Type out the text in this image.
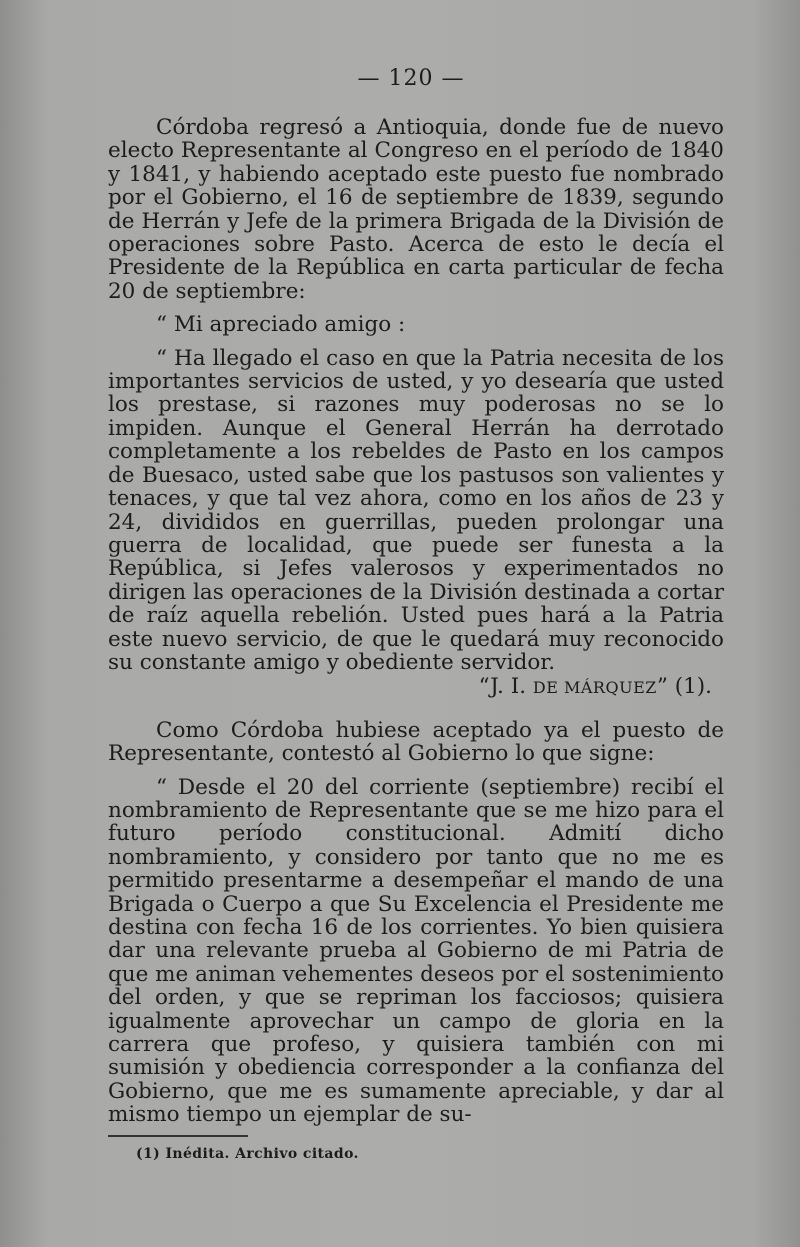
— 120 —

Córdoba regresó a Antioquia, donde fue de nuevo electo Representante al Congreso en el período de 1840 y 1841, y habiendo aceptado este puesto fue nombrado por el Gobierno, el 16 de septiembre de 1839, segundo de Herrán y Jefe de la primera Brigada de la División de operaciones sobre Pasto. Acerca de esto le decía el Presidente de la República en carta particular de fecha 20 de septiembre:

“ Mi apreciado amigo :

“ Ha llegado el caso en que la Patria necesita de los importantes servicios de usted, y yo desearía que usted los prestase, si razones muy poderosas no se lo impiden. Aunque el General Herrán ha derrotado completamente a los rebeldes de Pasto en los campos de Buesaco, usted sabe que los pastusos son valientes y tenaces, y que tal vez ahora, como en los años de 23 y 24, divididos en guerrillas, pueden prolongar una guerra de localidad, que puede ser funesta a la República, si Jefes valerosos y experimentados no dirigen las operaciones de la División destinada a cortar de raíz aquella rebelión. Usted pues hará a la Patria este nuevo servicio, de que le quedará muy reconocido su constante amigo y obediente servidor.

“J. I. DE MÁRQUEZ” (1).

Como Córdoba hubiese aceptado ya el puesto de Representante, contestó al Gobierno lo que signe:

“ Desde el 20 del corriente (septiembre) recibí el nombramiento de Representante que se me hizo para el futuro período constitucional. Admití dicho nombramiento, y considero por tanto que no me es permitido presentarme a desempeñar el mando de una Brigada o Cuerpo a que Su Excelencia el Presidente me destina con fecha 16 de los corrientes. Yo bien quisiera dar una relevante prueba al Gobierno de mi Patria de que me animan vehementes deseos por el sostenimiento del orden, y que se repriman los facciosos; quisiera igualmente aprovechar un campo de gloria en la carrera que profeso, y quisiera también con mi sumisión y obediencia corresponder a la confianza del Gobierno, que me es sumamente apreciable, y dar al mismo tiempo un ejemplar de su-

(1) Inédita. Archivo citado.
